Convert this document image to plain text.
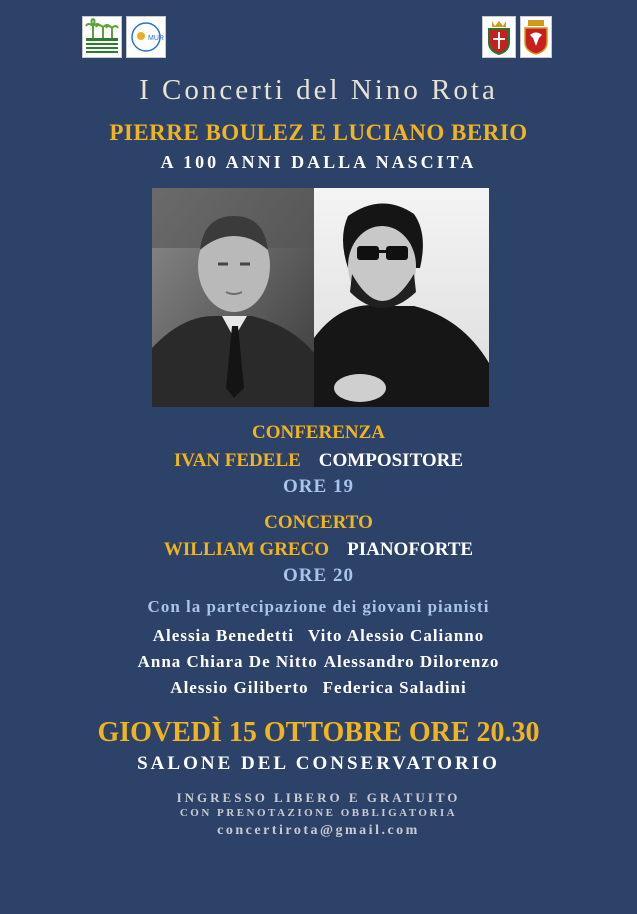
MUR
I Concerti del Nino Rota
PIERRE BOULEZ E LUCIANO BERIO
A 100 ANNI DALLA NASCITA
CONFERENZA
IVAN FEDELE COMPOSITORE
ORE 19
CONCERTO
WILLIAM GRECO PIANOFORTE
ORE 20
Con la partecipazione dei giovani pianisti
Alessia Benedetti Vito Alessio Calianno
Anna Chiara De Nitto Alessandro Dilorenzo
Alessio Giliberto Federica Saladini
GIOVEDÌ 15 OTTOBRE ORE 20.30
SALONE DEL CONSERVATORIO
INGRESSO LIBERO E GRATUITO
CON PRENOTAZIONE OBBLIGATORIA
concertirota@gmail.com
